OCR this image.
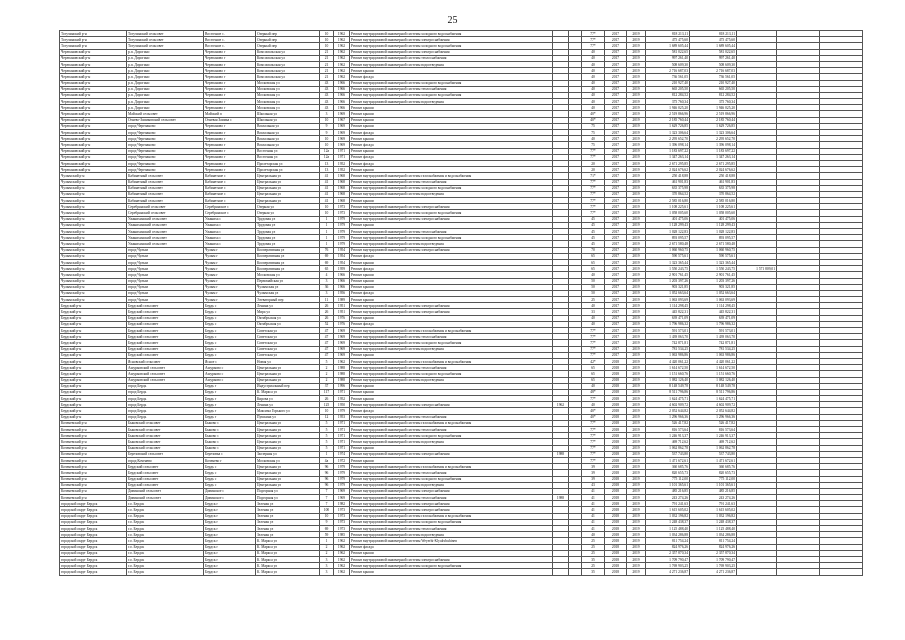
25
Тогучинский р-н	Тогучинский сельсовет	Восточное с.	Озерный пер	10	1962	Ремонт внутридомовой инженерной системы холодного водоснабжения			77*	2017	2019	818 213,11	818 213,11				
Тогучинский р-н	Тогучинский сельсовет	Восточное с.	Озерный пер	10	1962	Ремонт внутридомовой инженерной системы электроснабжения			77*	2017	2019	475 475,60	475 475,60				
Тогучинский р-н	Тогучинский сельсовет	Восточное с.	Озерный пер	10	1962	Ремонт внутридомовой инженерной системы холодного водоснабжения			77*	2017	2019	1 689 605,44	1 689 605,44				
Черепановский р-н	р.п. Дорогино	Черепаново г	Комсомольская ул	21	1962	Ремонт внутридомовой инженерной системы электроснабжения			40	2017	2019	581 022,65	581 022,65				
Черепановский р-н	р.п. Дорогино	Черепаново г	Комсомольская ул	21	1962	Ремонт внутридомовой инженерной системы теплоснабжения			40	2017	2019	997 261,40	997 261,40				
Черепановский р-н	р.п. Дорогино	Черепаново г	Комсомольская ул	21	1962	Ремонт внутридомовой инженерной системы водоотведения			40	2017	2019	508 609,30	508 609,30				
Черепановский р-н	р.п. Дорогино	Черепаново г	Комсомольская ул	21	1962	Ремонт крыши			40	2017	2019	2 716 687,03	2 716 687,03				
Черепановский р-н	р.п. Дорогино	Черепаново г	Комсомольская ул	21	1962	Ремонт фасада			40	2017	2019	736 561,05	736 561,05				
Черепановский р-н	р.п. Дорогино	Черепаново г	Московская ул	43	1966	Ремонт внутридомовой инженерной системы холодного водоснабжения			40	2017	2019	210 927,40	210 927,40				
Черепановский р-н	р.п. Дорогино	Черепаново г	Московская ул	43	1966	Ремонт внутридомовой инженерной системы теплоснабжения			40	2017	2019	665 205,50	665 205,50				
Черепановский р-н	р.п. Дорогино	Черепаново г	Московская ул	43	1966	Ремонт внутридомовой инженерной системы холодного водоснабжения			40	2017	2019	812 284,52	812 284,52				
Черепановский р-н	р.п. Дорогино	Черепаново г	Московская ул	43	1966	Ремонт внутридомовой инженерной системы водоотведения			40	2017	2019	375 760,34	375 760,34				
Черепановский р-н	р.п. Дорогино	Черепаново г	Московская ул	43	1966	Ремонт крыши			40	2017	2019	1 946 025,20	1 946 025,20				
Черепановский р-н	Майский сельсовет	Майский п	Школьная ул	3	1969	Ремонт крыши			40*	2017	2019	2 519 866,96	2 519 866,96				
Черепановский р-н	Огнево-Заимковский сельсовет	Огневая Заимка с	Школьная ул	10	1967	Ремонт крыши			40*	2017	2019	2 185 760,44	2 185 760,44				
Черепановский р-н	город Черепаново	Черепаново г	Вокзальная ул	9	1969	Ремонт крыши			75	2017	2019	1 629 726,85	1 629 726,85				
Черепановский р-н	город Черепаново	Черепаново г	Вокзальная ул	9	1969	Ремонт фасада			75	2017	2019	1 323 306,64	1 323 306,64				
Черепановский р-н	город Черепаново	Черепаново г	Вокзальная ул	10	1969	Ремонт крыши			40	2017	2019	2 295 652,70	2 295 652,70				
Черепановский р-н	город Черепаново	Черепаново г	Вокзальная ул	10	1969	Ремонт фасада			75	2017	2019	1 396 098,14	1 396 098,14				
Черепановский р-н	город Черепаново	Черепаново г	Восточная ул	12а	1971	Ремонт крыши			77*	2017	2019	1 183 697,22	1 183 697,22				
Черепановский р-н	город Черепаново	Черепаново г	Восточная ул	12а	1971	Ремонт фасада			77*	2017	2019	1 347 263,14	1 347 263,14				
Черепановский р-н	город Черепаново	Черепаново г	Пролетарская ул	13	1952	Ремонт фасада			20	2017	2019	2 671 295,85	2 671 295,85				
Черепановский р-н	город Черепаново	Черепаново г	Пролетарская ул	13	1952	Ремонт крыши			20	2017	2019	2 024 676,62	2 024 676,62				
Чулымский р-н	Кабинетный сельсовет	Кабинетное с	Центральная ул	41	1968	Ремонт внутридомовой инженерной системы газоснабжения и водоснабжения			71*	2017	2019	250 418,88	250 418,88				
Чулымский р-н	Кабинетный сельсовет	Кабинетное с	Центральная ул	41	1968	Ремонт внутридомовой инженерной системы теплоснабжения			77*	2017	2019	461 901,83	461 901,83				
Чулымский р-н	Кабинетный сельсовет	Кабинетное с	Центральная ул	41	1968	Ремонт внутридомовой инженерной системы холодного водоснабжения			77*	2017	2019	635 375,98	635 375,98				
Чулымский р-н	Кабинетный сельсовет	Кабинетное с	Центральная ул	41	1968	Ремонт внутридомовой инженерной системы водоотведения			77*	2017	2019	370 864,52	370 864,52				
Чулымский р-н	Кабинетный сельсовет	Кабинетное с	Центральная ул	41	1968	Ремонт крыши			77*	2017	2019	2 585 016,80	2 585 016,80				
Чулымский р-н	Серебрянский сельсовет	Серебрянское с	Озерная ул	10	1973	Ремонт внутридомовой инженерной системы электроснабжения			77*	2017	2019	1 108 225,61	1 108 225,61				
Чулымский р-н	Серебрянский сельсовет	Серебрянское с	Озерная ул	10	1973	Ремонт внутридомовой инженерной системы холодного водоснабжения			77*	2017	2019	1 058 005,60	1 058 005,60				
Чулымский р-н	Ужанихинский сельсовет	Ужаниха с	Трудовая ул	1	1979	Ремонт внутридомовой инженерной системы электроснабжения			45	2017	2019	401 475,06	401 475,06				
Чулымский р-н	Ужанихинский сельсовет	Ужаниха с	Трудовая ул	1	1979	Ремонт крыши			45	2017	2019	1 128 299,43	1 128 299,43				
Чулымский р-н	Ужанихинский сельсовет	Ужаниха с	Трудовая ул	1	1979	Ремонт внутридомовой инженерной системы теплоснабжения			45	2017	2019	1 028 122,83	1 028 122,83				
Чулымский р-н	Ужанихинский сельсовет	Ужаниха с	Трудовая ул	1	1979	Ремонт внутридомовой инженерной системы холодного водоснабжения			45	2017	2019	893 095,57	893 095,57				
Чулымский р-н	Ужанихинский сельсовет	Ужаниха с	Трудовая ул	1	1979	Ремонт внутридомовой инженерной системы водоотведения			45	2017	2019	2 671 580,48	2 671 580,48				
Чулымский р-н	город Чулым	Чулым г	Кооперативная ул	76	1954	Ремонт внутридомовой инженерной системы электроснабжения			70	2017	2019	1 060 960,75	1 060 960,75				
Чулымский р-н	город Чулым	Чулым г	Кооперативная ул	69	1954	Ремонт фасада			65	2017	2019	590 575,61	590 575,61				
Чулымский р-н	город Чулым	Чулым г	Кооперативная ул	69	1954	Ремонт крыши			65	2017	2019	1 323 365,44	1 323 365,44				
Чулымский р-н	город Чулым	Чулым г	Кооперативная ул	65	1959	Ремонт фасада			65	2017	2019	1 550 243,75	1 550 243,75	1 571 809,01			
Чулымский р-н	город Чулым	Чулым г	Московская ул	4	1966	Ремонт крыши			40	2017	2019	2 901 761,45	2 901 761,45				
Чулымский р-н	город Чулым	Чулым г	Первомайская ул	3	1966	Ремонт крыши			50	2017	2019	1 203 397,26	1 203 397,26				
Чулымский р-н	город Чулым	Чулым г	Чулымская ул	36	1966	Ремонт крыши			50	2017	2019	903 321,85	903 321,85				
Чулымский р-н	город Чулым	Чулым г	Чулымская ул	3	1956	Ремонт фасада			50	2017	2019	1 052 663,64	1 052 663,64				
Чулымский р-н	город Чулым	Чулым г	Элеваторный пер	11	1989	Ремонт крыши			25	2017	2019	1 063 093,69	1 063 093,69				
Бердский р-н	Бердский сельсовет	Бердь с	Ленина ул	26	1951	Ремонт внутридомовой инженерной системы электроснабжения			40	2017	2019	1 114 298,45	1 114 298,45				
Бердский р-н	Бердский сельсовет	Бердь с	Мира ул	26	1951	Ремонт внутридомовой инженерной системы электроснабжения			33	2017	2019	445 822,31	445 822,31				
Бердский р-н	Бердский сельсовет	Бердь с	Октябрьская ул	26	1976	Ремонт крыши			40	2017	2019	639 471,09	639 471,09				
Бердский р-н	Бердский сельсовет	Бердь с	Октябрьская ул	52	1976	Ремонт фасада			40	2017	2019	1 796 986,32	1 796 986,32				
Бердский р-н	Бердский сельсовет	Бердь с	Советская ул	47	1969	Ремонт внутридомовой инженерной системы газоснабжения и водоснабжения			77*	2017	2019	591 573,01	591 573,01				
Бердский р-н	Бердский сельсовет	Бердь с	Советская ул	47	1969	Ремонт внутридомовой инженерной системы теплоснабжения			77*	2017	2019	1 439 063,70	1 439 063,70				
Бердский р-н	Бердский сельсовет	Бердь с	Советская ул	47	1969	Ремонт внутридомовой инженерной системы холодного водоснабжения			77*	2017	2019	742 871,81	742 871,81				
Бердский р-н	Бердский сельсовет	Бердь с	Советская ул	47	1969	Ремонт внутридомовой инженерной системы водоотведения			77*	2017	2019	781 534,25	781 534,25				
Бердский р-н	Бердский сельсовет	Бердь с	Советская ул	47	1969	Ремонт крыши			77*	2017	2019	1 063 986,86	1 063 986,86				
Бердский р-н	Ясновский сельсовет	Ясное с	Новая ул	5	1962	Ремонт внутридомовой инженерной системы газоснабжения и водоснабжения			42*	2018	2019	4 420 061,22	4 420 061,22				
Бердский р-н	Ашурковский сельсовет	Ашурково с	Центральная ул	2	1988	Ремонт внутридомовой инженерной системы теплоснабжения			65	2018	2019	1 614 672,50	1 614 672,50				
Бердский р-н	Ашурковский сельсовет	Ашурково с	Центральная ул	2	1988	Ремонт внутридомовой инженерной системы холодного водоснабжения			65	2018	2019	1 151 660,76	1 151 660,76				
Бердский р-н	Ашурковский сельсовет	Ашурково с	Центральная ул	2	1988	Ремонт внутридомовой инженерной системы водоотведения			65	2018	2019	1 082 126,40	1 082 126,40				
Бердский р-н	город Бердь	Бердь г	Индустриальный пер	37	1996	Ремонт крыши			40	2018	2019	8 148 549,78	8 148 549,78				
Бердский р-н	город Бердь	Бердь г	К. Маркса ул	117	1971	Ремонт крыши			48*	2018	2019	8 511 796,86	8 511 796,86				
Бердский р-н	город Бердь	Бердь г	Кирова ул	26	1952	Ремонт крыши			77*	2018	2019	1 624 475,71	1 624 475,71				
Бердский р-н	город Бердь	Бердь г	Ленина ул	125	1950	Ремонт внутридомовой инженерной системы электроснабжения	1962		40	2018	2019	4 602 909,72	4 602 909,72				
Бердский р-н	город Бердь	Бердь г	Максима Горького ул	10	1979	Ремонт фасада			40*	2018	2019	2 052 644,82	2 052 644,82				
Бердский р-н	город Бердь	Бердь г	Пушкина ул	12	1953	Ремонт внутридомовой инженерной системы теплоснабжения			40*	2018	2019	1 296 966,36	1 296 966,36				
Коченевский р-н	Быковский сельсовет	Быково с	Центральная ул	5	1971	Ремонт внутридомовой инженерной системы газоснабжения и водоснабжения			77*	2018	2019	526 417,82	526 417,82				
Коченевский р-н	Быковский сельсовет	Быково с	Центральная ул	5	1971	Ремонт внутридомовой инженерной системы теплоснабжения			77*	2018	2019	816 573,64	816 573,64				
Коченевский р-н	Быковский сельсовет	Быково с	Центральная ул	5	1971	Ремонт внутридомовой инженерной системы холодного водоснабжения			77*	2018	2019	1 246 913,37	1 246 913,37				
Коченевский р-н	Быковский сельсовет	Быково с	Центральная ул	5	1971	Ремонт внутридомовой инженерной системы водоотведения			77*	2018	2019	469 712,62	469 712,62				
Коченевский р-н	Быковский сельсовет	Быково с	Центральная ул	5	1971	Ремонт крыши			77*	2018	2019	1 062 862,78	1 062 862,78				
Коченевский р-н	Березовский сельсовет	Березовка с	Заозерная ул	1	1974	Ремонт внутридомовой инженерной системы электроснабжения	1988		77*	2018	2019	537 743,80	537 743,80				
Коченевский р-н	город Коченево	Коченево г	Московская ул	4а	1972	Ремонт крыши			77*	2018	2019	1 471 672,61	1 471 672,61				
Коченевский р-н	Бердский сельсовет	Бердь с	Центральная ул	96	1979	Ремонт внутридомовой инженерной системы газоснабжения и водоснабжения			39	2018	2019	360 685,76	360 685,76				
Коченевский р-н	Бердский сельсовет	Бердь с	Центральная ул	96	1979	Ремонт внутридомовой инженерной системы теплоснабжения			39	2018	2019	820 655,73	820 655,73				
Коченевский р-н	Бердский сельсовет	Бердь с	Центральная ул	96	1979	Ремонт внутридомовой инженерной системы холодного водоснабжения			39	2018	2019	775 112,00	775 112,00				
Коченевский р-н	Бердский сельсовет	Бердь с	Центральная ул	96	1979	Ремонт внутридомовой инженерной системы водоотведения			43	2018	2019	1 101 365,61	1 101 365,61				
Коченевский р-н	Дивинский сельсовет	Дивинское с	Подгорная ул	7	1969	Ремонт внутридомовой инженерной системы электроснабжения			41	2018	2019	485 216,85	485 216,85				
Коченевский р-н	Дивинский сельсовет	Дивинское с	Подгорная ул	7	1969	Ремонт внутридомовой инженерной системы теплоснабжения	1988		41	2018	2019	243 274,26	243 274,26				
городской округ Бердск	г.о. Бердск	Бердск г	Зеленая ул	7	1982	Ремонт внутридомовой инженерной системы электроснабжения			41	2018	2019	791 241,63	791 241,63				
городской округ Бердск	г.о. Бердск	Бердск г	Зеленая ул	100	1973	Ремонт внутридомовой инженерной системы электроснабжения			41	2018	2019	1 615 605,02	1 615 605,02				
городской округ Бердск	г.о. Бердск	Бердск г	Зеленая ул	10	1973	Ремонт внутридомовой инженерной системы газоснабжения и водоснабжения			41	2018	2019	1 032 196,82	1 032 196,82				
городской округ Бердск	г.о. Бердск	Бердск г	Зеленая ул	9	1973	Ремонт внутридомовой инженерной системы холодного водоснабжения			41	2018	2019	1 248 438,37	1 248 438,37				
городской округ Бердск	г.о. Бердск	Бердск г	Зеленая ул	69	1973	Ремонт внутридомовой инженерной системы теплоснабжения			41	2018	2019	1 125 488,40	1 125 488,40				
городской округ Бердск	г.о. Бердск	Бердск г	Зеленая ул	59	1985	Ремонт внутридомовой инженерной системы водоотведения			40	2018	2019	1 034 286,88	1 034 286,88				
городской округ Бердск	г.о. Бердск	Бердск г	К. Маркса ул	1	1962	Ремонт внутридомовой инженерной системы Weyerhi-Klyukvhuhinen			25	2018	2019	811 754,24	811 754,24				
городской округ Бердск	г.о. Бердск	Бердск г	К. Маркса ул	2	1962	Ремонт фасада			25	2018	2019	824 976,26	824 976,26				
городской округ Бердск	г.о. Бердск	Бердск г	К. Маркса ул	2	1962	Ремонт крыши			25	2018	2019	2 357 870,34	2 357 870,34				
городской округ Бердск	г.о. Бердск	Бердск г	К. Маркса ул	3	1962	Ремонт внутридомовой инженерной системы электроснабжения			35	2018	2019	1 709 790,47	1 709 790,47				
городской округ Бердск	г.о. Бердск	Бердск г	К. Маркса ул	3	1962	Ремонт внутридомовой инженерной системы холодного водоснабжения			25	2018	2019	1 769 903,25	1 769 903,25				
городской округ Бердск	г.о. Бердск	Бердск г	К. Маркса ул	3	1962	Ремонт крыши			35	2018	2019	4 271 236,87	4 271 236,87				
